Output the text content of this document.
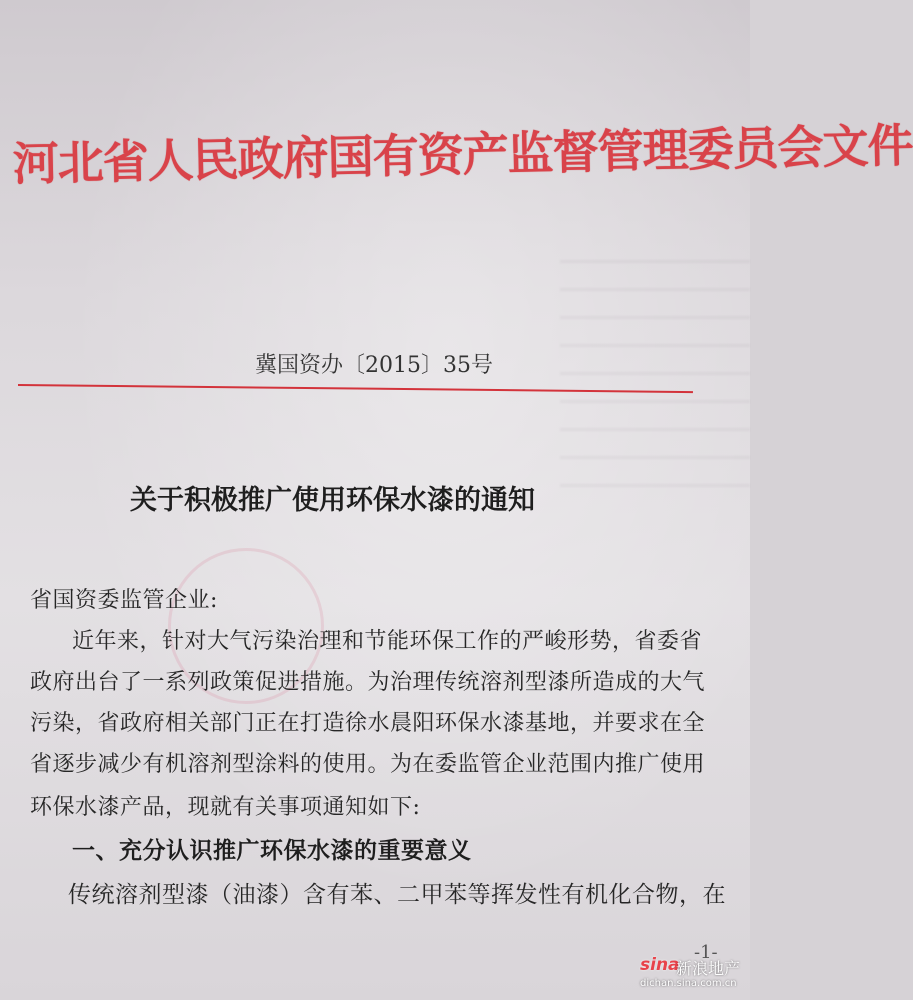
河北省人民政府国有资产监督管理委员会文件
冀国资办〔2015〕35号
关于积极推广使用环保水漆的通知
省国资委监管企业:
近年来，针对大气污染治理和节能环保工作的严峻形势，省委省
政府出台了一系列政策促进措施。为治理传统溶剂型漆所造成的大气
污染，省政府相关部门正在打造徐水晨阳环保水漆基地，并要求在全
省逐步减少有机溶剂型涂料的使用。为在委监管企业范围内推广使用
环保水漆产品，现就有关事项通知如下:
一、充分认识推广环保水漆的重要意义
传统溶剂型漆（油漆）含有苯、二甲苯等挥发性有机化合物，在
-1-
sina
新浪地产
dichan.sina.com.cn
